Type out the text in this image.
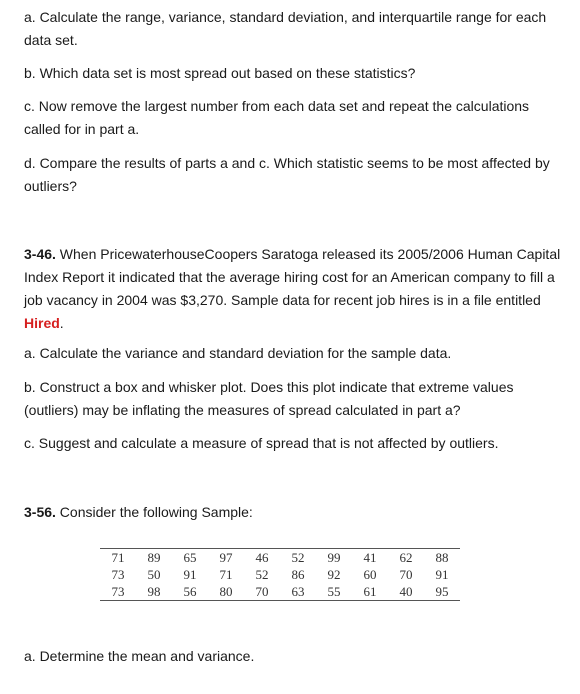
a. Calculate the range, variance, standard deviation, and interquartile range for each data set.

b. Which data set is most spread out based on these statistics?

c. Now remove the largest number from each data set and repeat the calculations called for in part a.

d. Compare the results of parts a and c. Which statistic seems to be most affected by outliers?

3-46. When PricewaterhouseCoopers Saratoga released its 2005/2006 Human Capital Index Report it indicated that the average hiring cost for an American company to fill a job vacancy in 2004 was $3,270. Sample data for recent job hires is in a file entitled Hired.

a. Calculate the variance and standard deviation for the sample data.

b. Construct a box and whisker plot. Does this plot indicate that extreme values (outliers) may be inflating the measures of spread calculated in part a?

c. Suggest and calculate a measure of spread that is not affected by outliers.

3-56. Consider the following Sample:

71	89	65	97	46	52	99	41	62	88
73	50	91	71	52	86	92	60	70	91
73	98	56	80	70	63	55	61	40	95

a. Determine the mean and variance.
